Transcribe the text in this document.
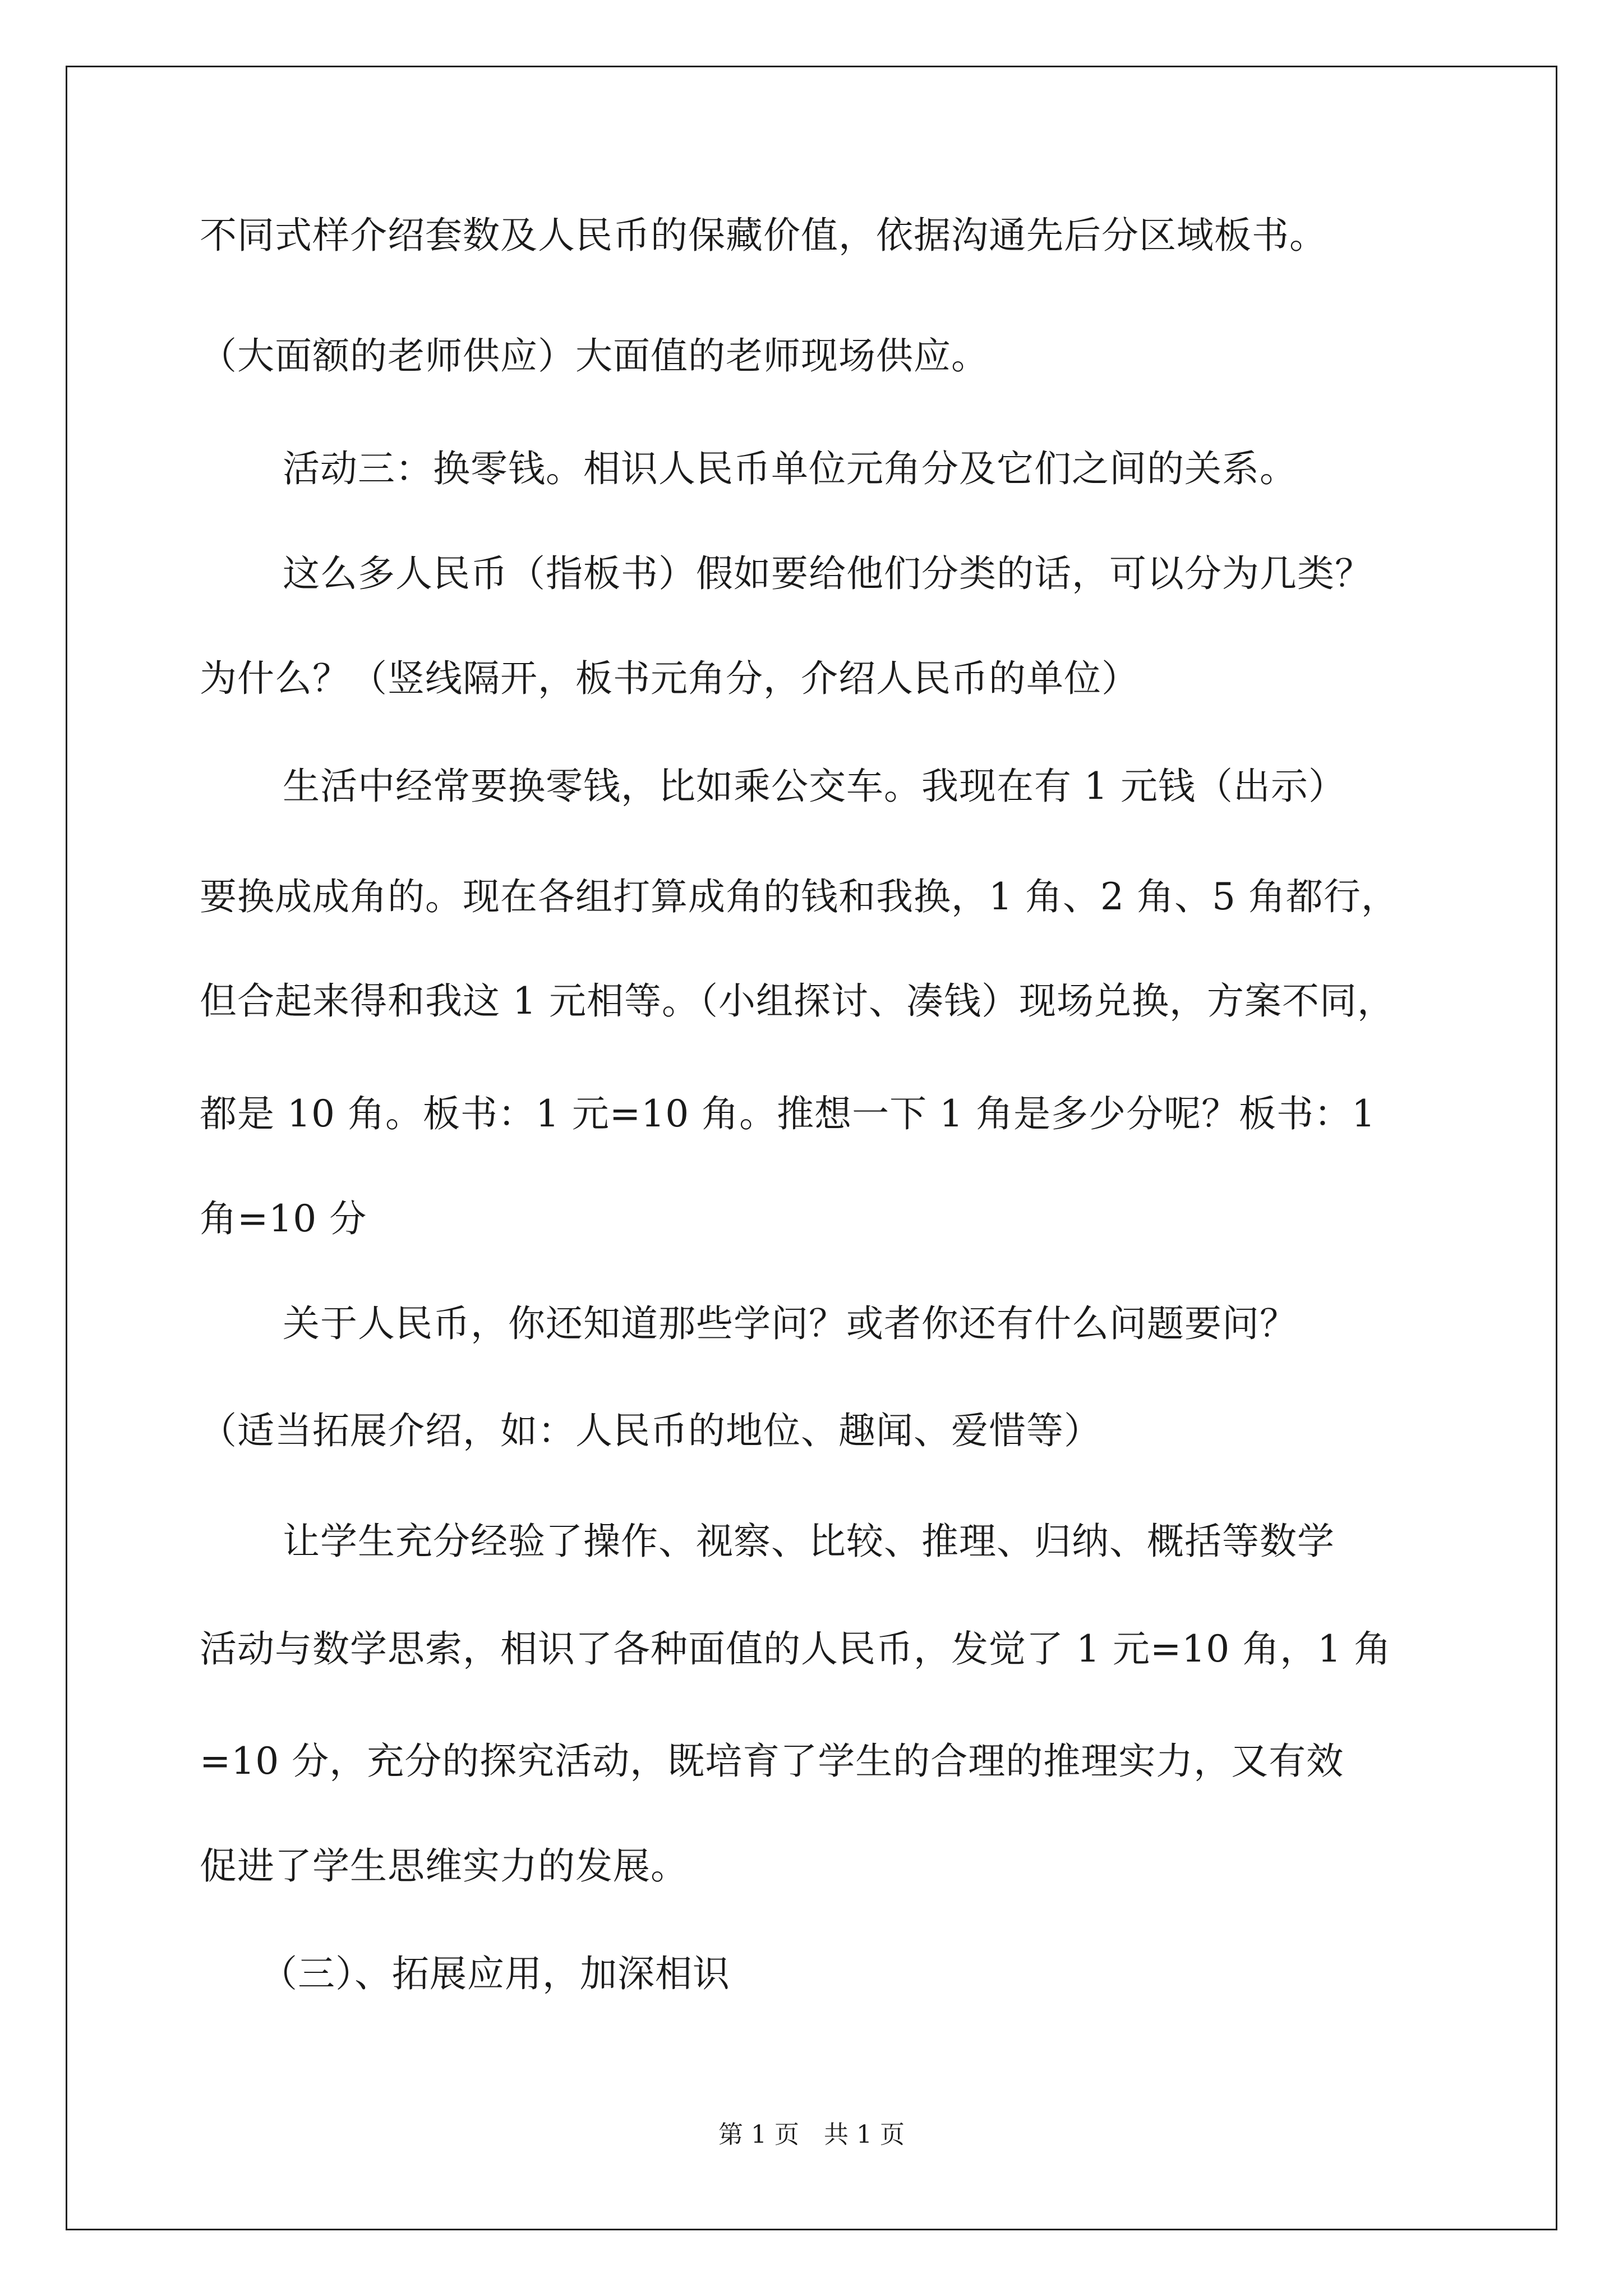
不同式样介绍套数及人民币的保藏价值，依据沟通先后分区域板书。
（大面额的老师供应）大面值的老师现场供应。
活动三：换零钱。相识人民币单位元角分及它们之间的关系。
这么多人民币（指板书）假如要给他们分类的话，可以分为几类？
为什么？（竖线隔开，板书元角分，介绍人民币的单位）
生活中经常要换零钱，比如乘公交车。我现在有 1 元钱（出示）
要换成成角的。现在各组打算成角的钱和我换，1 角、2 角、5 角都行，
但合起来得和我这 1 元相等。（小组探讨、凑钱）现场兑换，方案不同，
都是 10 角。板书：1 元=10 角。推想一下 1 角是多少分呢？板书：1
角=10 分
关于人民币，你还知道那些学问？或者你还有什么问题要问？
（适当拓展介绍，如：人民币的地位、趣闻、爱惜等）
让学生充分经验了操作、视察、比较、推理、归纳、概括等数学
活动与数学思索，相识了各种面值的人民币，发觉了 1 元=10 角，1 角
=10 分，充分的探究活动，既培育了学生的合理的推理实力，又有效
促进了学生思维实力的发展。
（三）、拓展应用，加深相识
第 1 页　共 1 页
